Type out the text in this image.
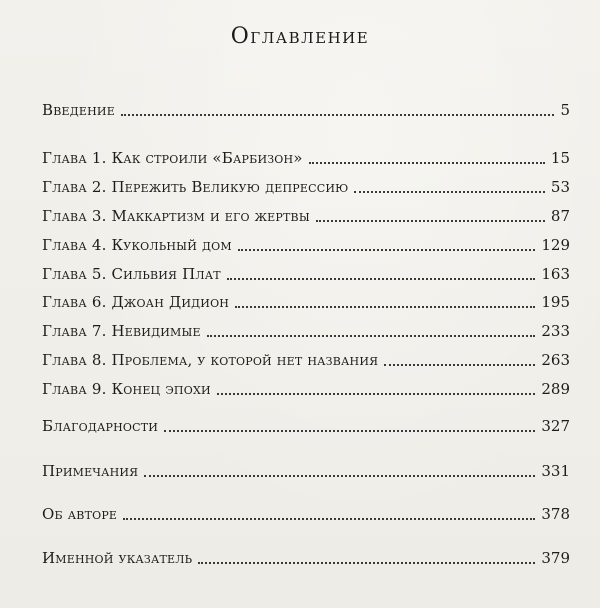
Оглавление
Введение	5
Глава 1. Как строили «Барбизон»	15
Глава 2. Пережить Великую депрессию	53
Глава 3. Маккартизм и его жертвы	87
Глава 4. Кукольный дом	129
Глава 5. Сильвия Плат	163
Глава 6. Джоан Дидион	195
Глава 7. Невидимые	233
Глава 8. Проблема, у которой нет названия	263
Глава 9. Конец эпохи	289
Благодарности	327
Примечания	331
Об авторе	378
Именной указатель	379
